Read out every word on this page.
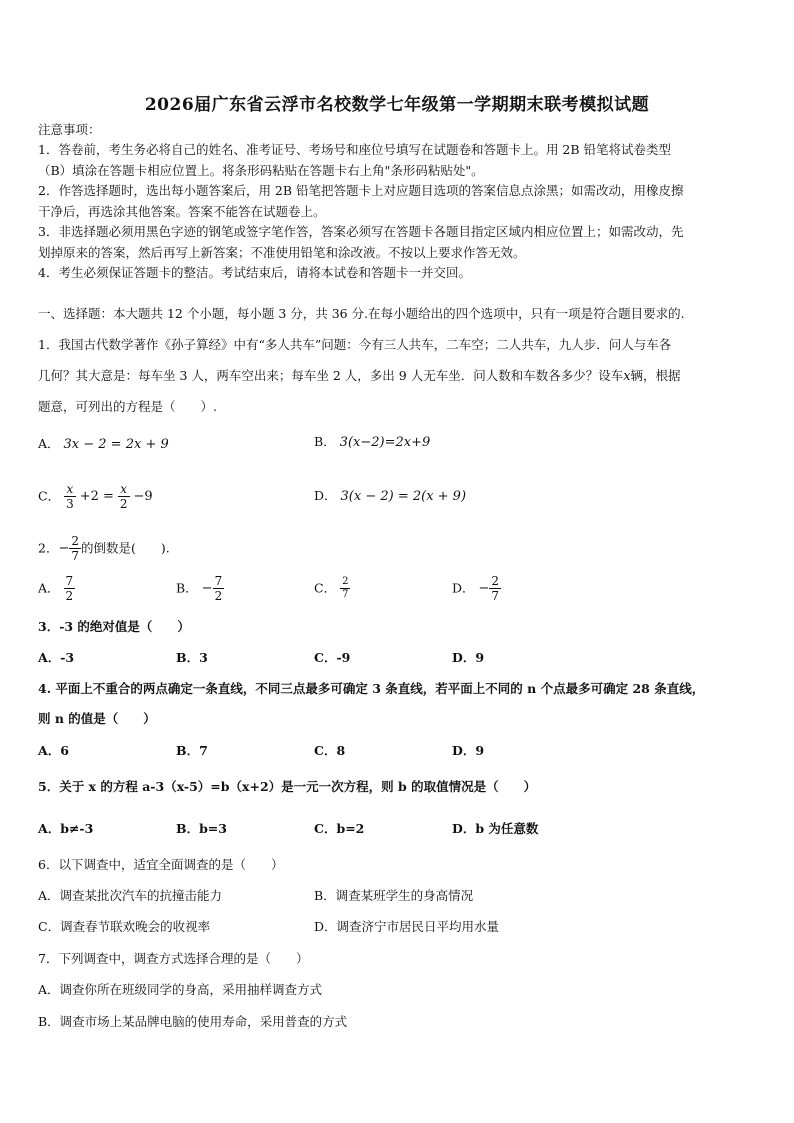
2026届广东省云浮市名校数学七年级第一学期期末联考模拟试题
注意事项：
1．答卷前，考生务必将自己的姓名、准考证号、考场号和座位号填写在试题卷和答题卡上。用 2B 铅笔将试卷类型
（B）填涂在答题卡相应位置上。将条形码粘贴在答题卡右上角"条形码粘贴处"。
2．作答选择题时，选出每小题答案后，用 2B 铅笔把答题卡上对应题目选项的答案信息点涂黑；如需改动，用橡皮擦
干净后，再选涂其他答案。答案不能答在试题卷上。
3．非选择题必须用黑色字迹的钢笔或签字笔作答，答案必须写在答题卡各题目指定区域内相应位置上；如需改动，先
划掉原来的答案，然后再写上新答案；不准使用铅笔和涂改液。不按以上要求作答无效。
4．考生必须保证答题卡的整洁。考试结束后，请将本试卷和答题卡一并交回。
一、选择题：本大题共 12 个小题，每小题 3 分，共 36 分.在每小题给出的四个选项中，只有一项是符合题目要求的.
1．我国古代数学著作《孙子算经》中有“多人共车”问题：今有三人共车，二车空；二人共车，九人步．问人与车各
几何？其大意是：每车坐 3 人，两车空出来；每车坐 2 人，多出 9 人无车坐．问人数和车数各多少？设车x辆，根据
题意，可列出的方程是（　　）.
A． 3x − 2 = 2x + 9	B． 3(x−2)=2x+9
C． $\frac{x}{3} +2 = \frac{x}{2} -9$	D． 3(x − 2) = 2(x + 9)
2．− $\frac{2}{7}$ 的倒数是(　　).
A． $\frac{7}{2}$	B． − $\frac{7}{2}$	C． $\frac{2}{7}$	D． − $\frac{2}{7}$
3．-3 的绝对值是（　　）
A．-3	B．3	C．-9	D．9
4. 平面上不重合的两点确定一条直线，不同三点最多可确定 3 条直线，若平面上不同的 n 个点最多可确定 28 条直线，
则 n 的值是（　　）
A．6	B．7	C．8	D．9
5．关于 x 的方程 a-3（x-5）=b（x+2）是一元一次方程，则 b 的取值情况是（　　）
A．b≠-3	B．b=3	C．b=2	D．b 为任意数
6．以下调查中，适宜全面调查的是（　　）
A．调查某批次汽车的抗撞击能力	B．调查某班学生的身高情况
C．调查春节联欢晚会的收视率	D．调查济宁市居民日平均用水量
7．下列调查中，调查方式选择合理的是（　　）
A．调查你所在班级同学的身高，采用抽样调查方式
B．调查市场上某品牌电脑的使用寿命，采用普查的方式
